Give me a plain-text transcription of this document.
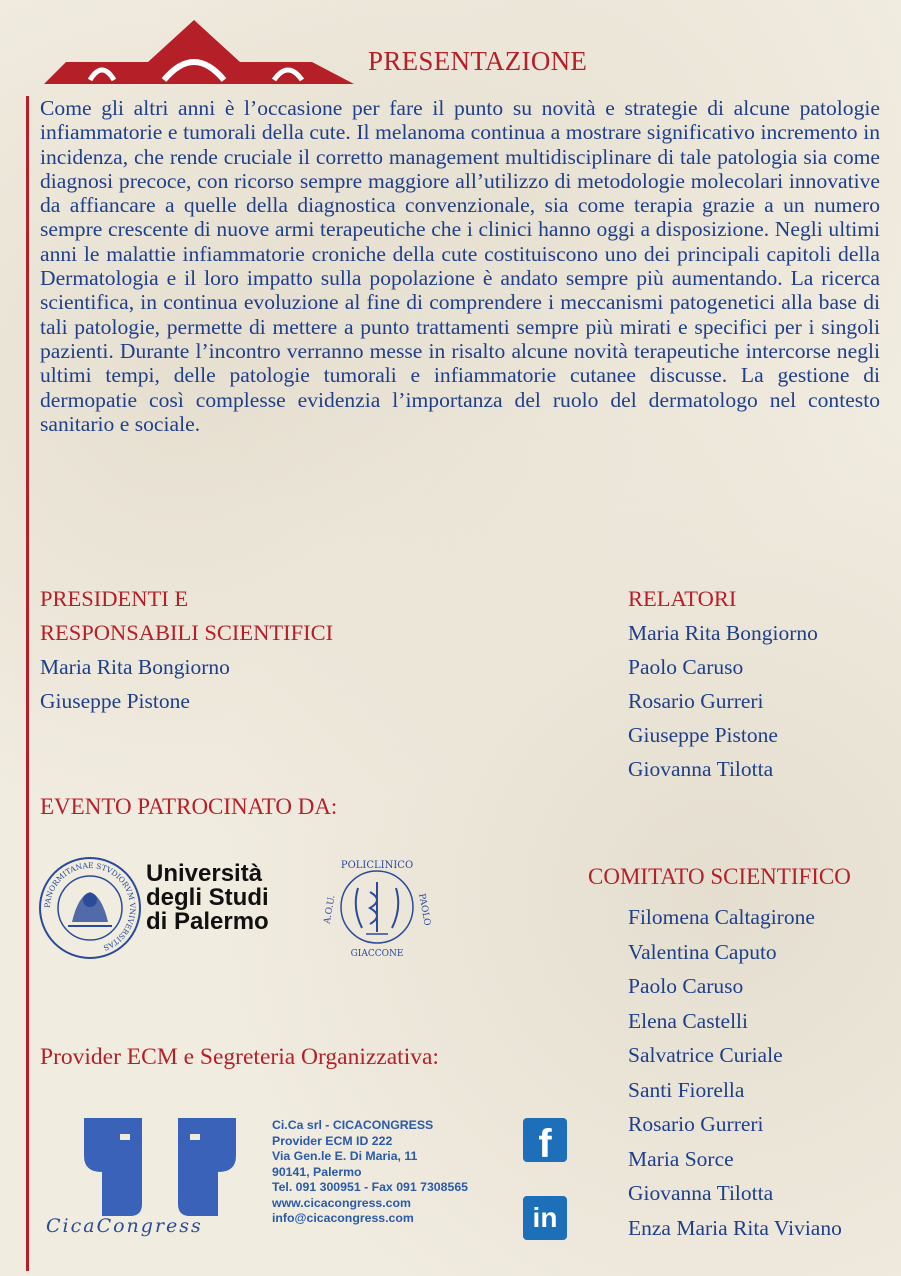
PRESENTAZIONE

Come gli altri anni è l’occasione per fare il punto su novità e strategie di alcune patologie infiammatorie e tumorali della cute. Il melanoma continua a mostrare significativo incremento in incidenza, che rende cruciale il corretto management multidisciplinare di tale patologia sia come diagnosi precoce, con ricorso sempre maggiore all’utilizzo di metodologie molecolari innovative da affiancare a quelle della diagnostica convenzionale, sia come terapia grazie a un numero sempre crescente di nuove armi terapeutiche che i clinici hanno oggi a disposizione. Negli ultimi anni le malattie infiammatorie croniche della cute costituiscono uno dei principali capitoli della Dermatologia e il loro impatto sulla popolazione è andato sempre più aumentando. La ricerca scientifica, in continua evoluzione al fine di comprendere i meccanismi patogenetici alla base di tali patologie, permette di mettere a punto trattamenti sempre più mirati e specifici per i singoli pazienti. Durante l’incontro verranno messe in risalto alcune novità terapeutiche intercorse negli ultimi tempi, delle patologie tumorali e infiammatorie cutanee discusse. La gestione di dermopatie così complesse evidenzia l’importanza del ruolo del dermatologo nel contesto sanitario e sociale.

PRESIDENTI E
RESPONSABILI SCIENTIFICI
Maria Rita Bongiorno
Giuseppe Pistone
RELATORI
Maria Rita Bongiorno
Paolo Caruso
Rosario Gurreri
Giuseppe Pistone
Giovanna Tilotta
EVENTO PATROCINATO DA:
PANORMITANAE STVDIORVM VNIVERSITAS
Università
degli Studi
di Palermo
POLICLINICO
A.O.U.	PAOLO
GIACCONE
COMITATO SCIENTIFICO
Filomena Caltagirone
Valentina Caputo
Paolo Caruso
Elena Castelli
Salvatrice Curiale
Santi Fiorella
Rosario Gurreri
Maria Sorce
Giovanna Tilotta
Enza Maria Rita Viviano
Provider ECM e Segreteria Organizzativa:
CicaCongress
Ci.Ca srl - CICACONGRESS
Provider ECM ID 222
Via Gen.le E. Di Maria, 11
90141, Palermo
Tel. 091 300951 - Fax 091 7308565
www.cicacongress.com
info@cicacongress.com
f
in
